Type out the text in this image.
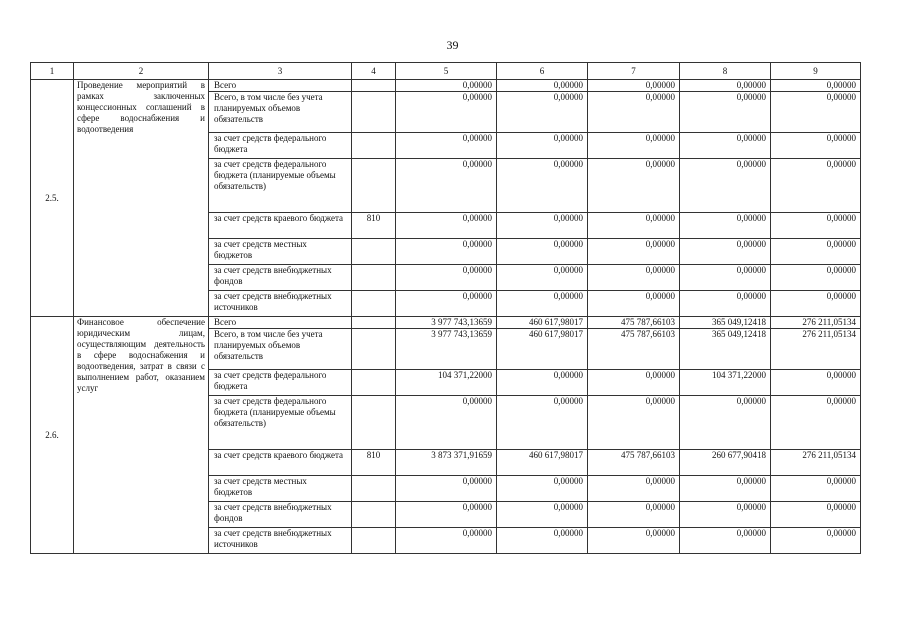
39
1	2	3	4	5	6	7	8	9
2.5.	Проведение мероприятий в рамках заключенных концессионных соглашений в сфере водоснабжения и водоотведения	Всего		0,00000	0,00000	0,00000	0,00000	0,00000
		Всего, в том числе без учета планируемых объемов обязательств		0,00000	0,00000	0,00000	0,00000	0,00000
		за счет средств федерального бюджета		0,00000	0,00000	0,00000	0,00000	0,00000
		за счет средств федерального бюджета (планируемые объемы обязательств)		0,00000	0,00000	0,00000	0,00000	0,00000
		за счет средств краевого бюджета	810	0,00000	0,00000	0,00000	0,00000	0,00000
		за счет средств местных бюджетов		0,00000	0,00000	0,00000	0,00000	0,00000
		за счет средств внебюджетных фондов		0,00000	0,00000	0,00000	0,00000	0,00000
		за счет средств внебюджетных источников		0,00000	0,00000	0,00000	0,00000	0,00000
2.6.	Финансовое обеспечение юридическим лицам, осуществляющим деятельность в сфере водоснабжения и водоотведения, затрат в связи с выполнением работ, оказанием услуг	Всего		3 977 743,13659	460 617,98017	475 787,66103	365 049,12418	276 211,05134
		Всего, в том числе без учета планируемых объемов обязательств		3 977 743,13659	460 617,98017	475 787,66103	365 049,12418	276 211,05134
		за счет средств федерального бюджета		104 371,22000	0,00000	0,00000	104 371,22000	0,00000
		за счет средств федерального бюджета (планируемые объемы обязательств)		0,00000	0,00000	0,00000	0,00000	0,00000
		за счет средств краевого бюджета	810	3 873 371,91659	460 617,98017	475 787,66103	260 677,90418	276 211,05134
		за счет средств местных бюджетов		0,00000	0,00000	0,00000	0,00000	0,00000
		за счет средств внебюджетных фондов		0,00000	0,00000	0,00000	0,00000	0,00000
		за счет средств внебюджетных источников		0,00000	0,00000	0,00000	0,00000	0,00000
